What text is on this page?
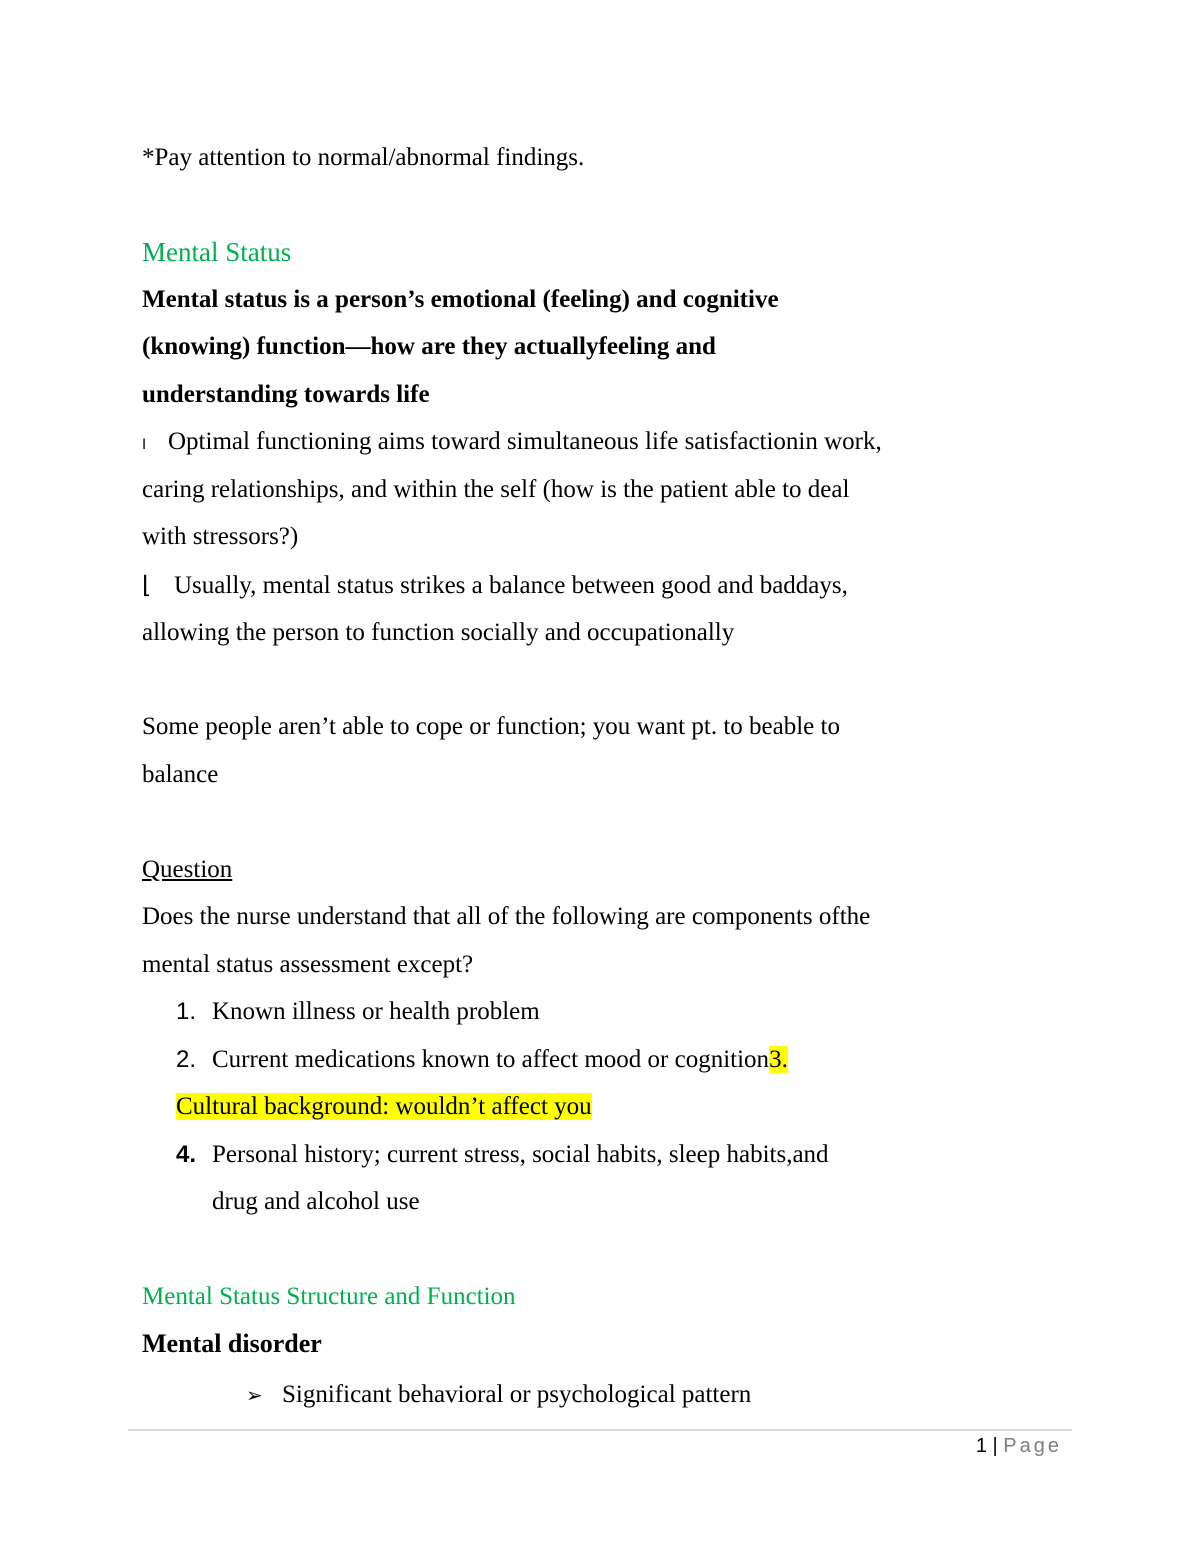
*Pay attention to normal/abnormal findings.
Mental Status
Mental status is a person’s emotional (feeling) and cognitive
(knowing) function—how are they actuallyfeeling and
understanding towards life
I Optimal functioning aims toward simultaneous life satisfactionin work,
caring relationships, and within the self (how is the patient able to deal
with stressors?)
⌊ Usually, mental status strikes a balance between good and baddays,
allowing the person to function socially and occupationally
Some people aren’t able to cope or function; you want pt. to beable to
balance
Question
Does the nurse understand that all of the following are components ofthe
mental status assessment except?
1. Known illness or health problem
2. Current medications known to affect mood or cognition3.
Cultural background: wouldn’t affect you
4. Personal history; current stress, social habits, sleep habits,and
drug and alcohol use
Mental Status Structure and Function
Mental disorder
➢ Significant behavioral or psychological pattern
1 | Page
